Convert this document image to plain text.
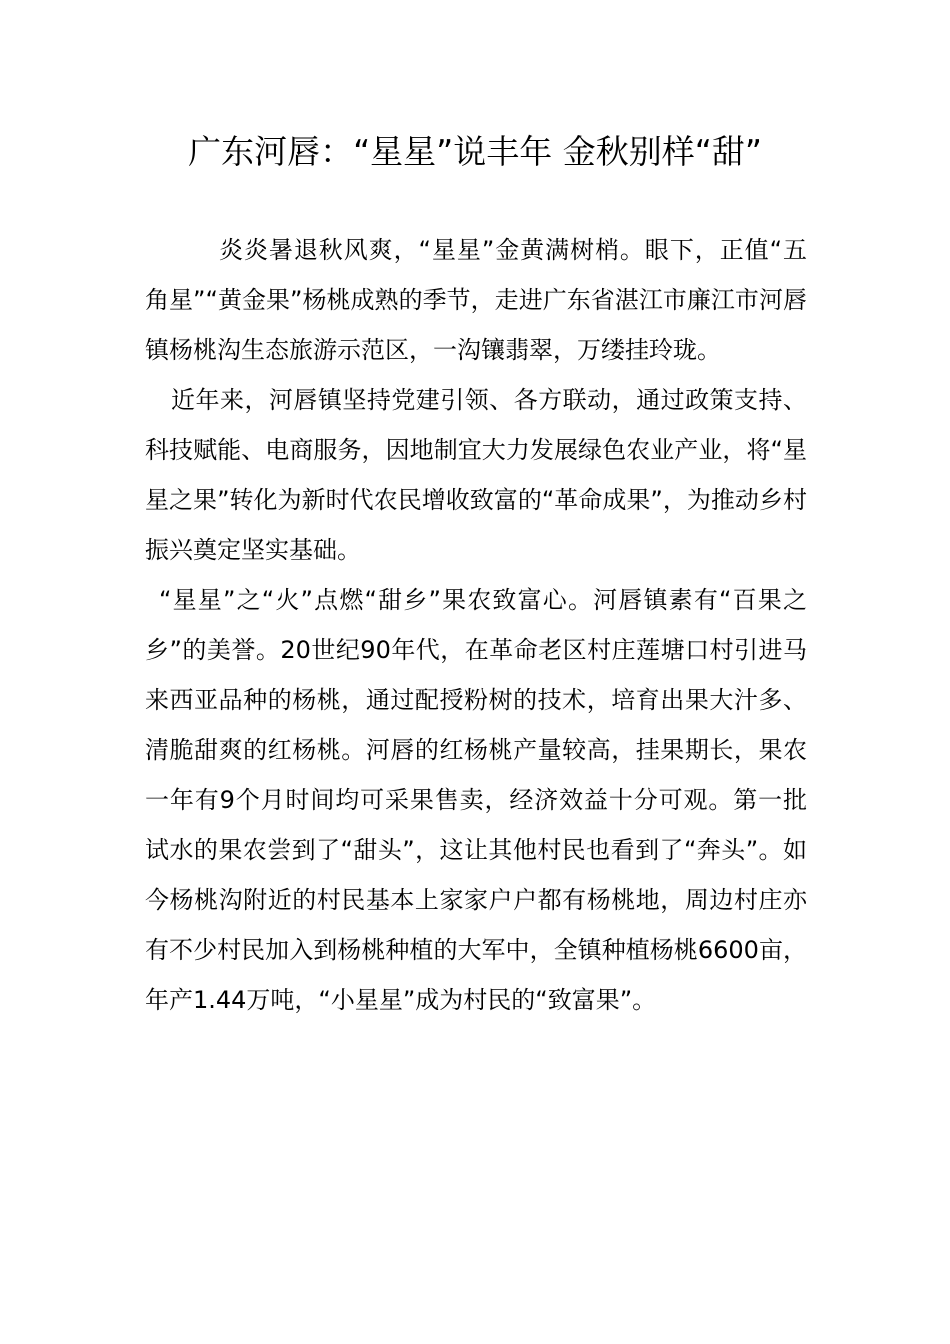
广东河唇：“星星”说丰年 金秋别样“甜”

炎炎暑退秋风爽，“星星”金黄满树梢。眼下，正值“五角星”“黄金果”杨桃成熟的季节，走进广东省湛江市廉江市河唇镇杨桃沟生态旅游示范区，一沟镶翡翠，万缕挂玲珑。

近年来，河唇镇坚持党建引领、各方联动，通过政策支持、科技赋能、电商服务，因地制宜大力发展绿色农业产业，将“星星之果”转化为新时代农民增收致富的“革命成果”，为推动乡村振兴奠定坚实基础。

“星星”之“火”点燃“甜乡”果农致富心。河唇镇素有“百果之乡”的美誉。20世纪90年代，在革命老区村庄莲塘口村引进马来西亚品种的杨桃，通过配授粉树的技术，培育出果大汁多、清脆甜爽的红杨桃。河唇的红杨桃产量较高，挂果期长，果农一年有9个月时间均可采果售卖，经济效益十分可观。第一批试水的果农尝到了“甜头”，这让其他村民也看到了“奔头”。如今杨桃沟附近的村民基本上家家户户都有杨桃地，周边村庄亦有不少村民加入到杨桃种植的大军中，全镇种植杨桃6600亩，年产1.44万吨，“小星星”成为村民的“致富果”。
